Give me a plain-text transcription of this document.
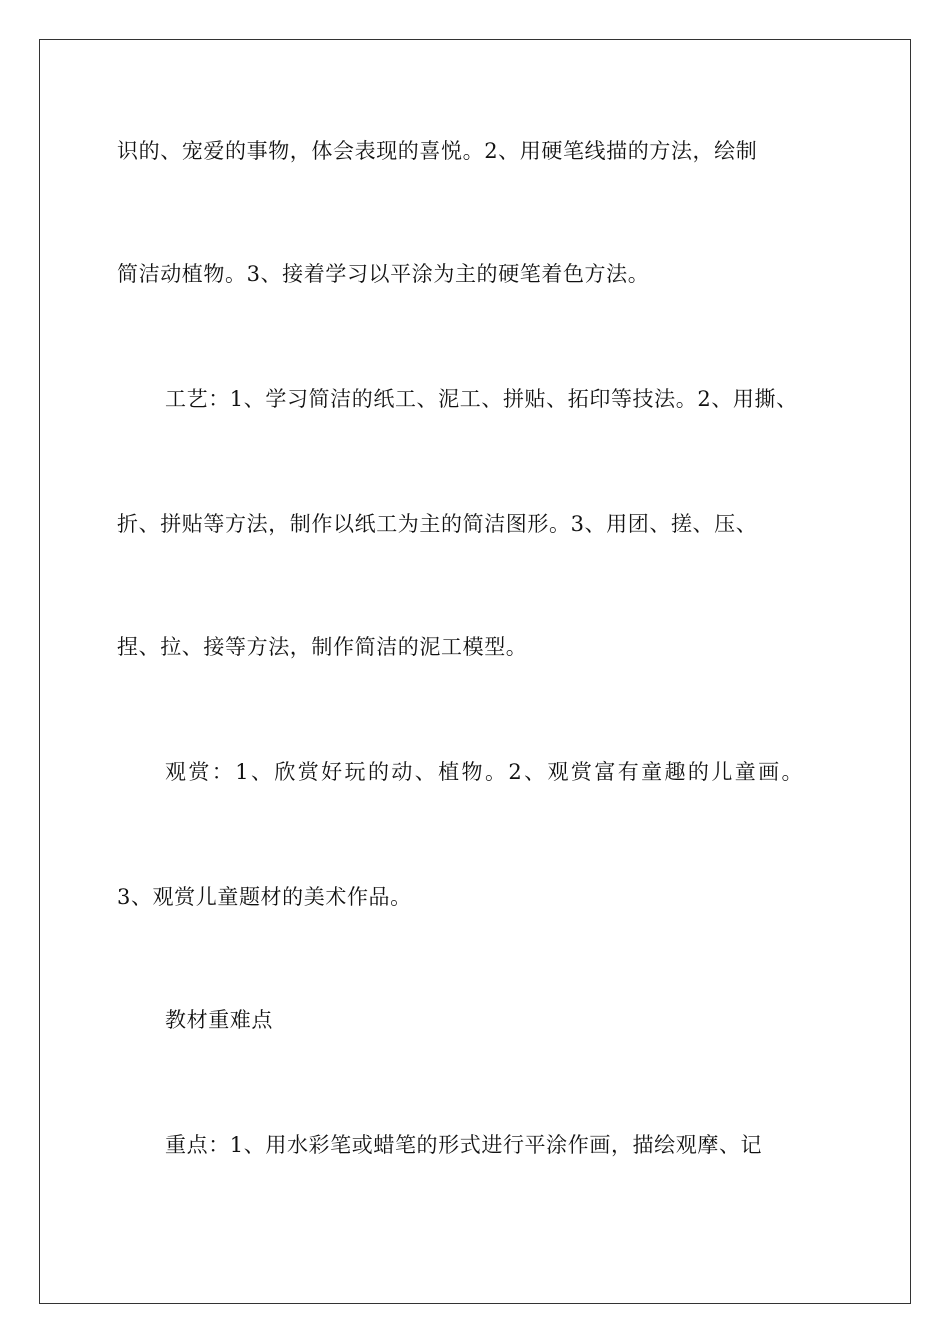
识的、宠爱的事物，体会表现的喜悦。2、用硬笔线描的方法，绘制
简洁动植物。3、接着学习以平涂为主的硬笔着色方法。
工艺：1、学习简洁的纸工、泥工、拼贴、拓印等技法。2、用撕、
折、拼贴等方法，制作以纸工为主的简洁图形。3、用团、搓、压、
捏、拉、接等方法，制作简洁的泥工模型。
观赏：1、欣赏好玩的动、植物。2、观赏富有童趣的儿童画。
3、观赏儿童题材的美术作品。
教材重难点
重点：1、用水彩笔或蜡笔的形式进行平涂作画，描绘观摩、记
